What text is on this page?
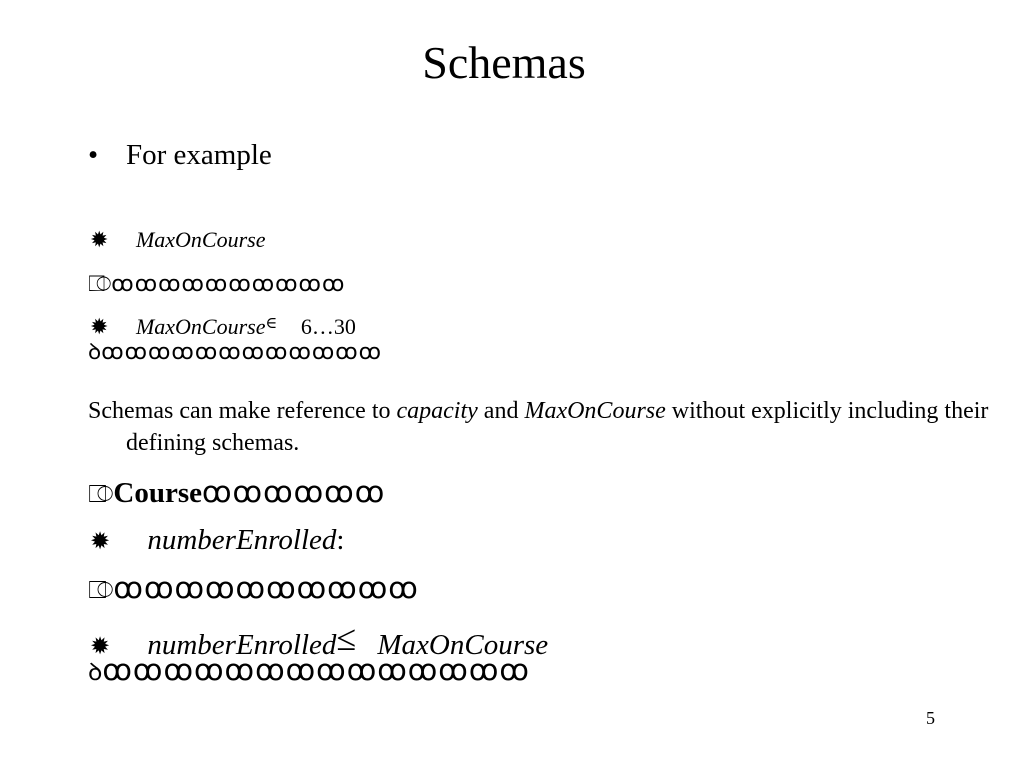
Schemas
• For example
✹ MaxOnCourse
⎄ꝏꝏꝏꝏꝏꝏꝏꝏꝏꝏ
✹ MaxOnCourse∈ 6…30
ꝺꝏꝏꝏꝏꝏꝏꝏꝏꝏꝏꝏꝏ
Schemas can make reference to capacity and MaxOnCourse without explicitly including their defining schemas.
⎄Courseꝏꝏꝏꝏꝏꝏ
✹ numberEnrolled:
⎄ꝏꝏꝏꝏꝏꝏꝏꝏꝏꝏ
✹ numberEnrolled≤ MaxOnCourse
ꝺꝏꝏꝏꝏꝏꝏꝏꝏꝏꝏꝏꝏꝏꝏ
5
